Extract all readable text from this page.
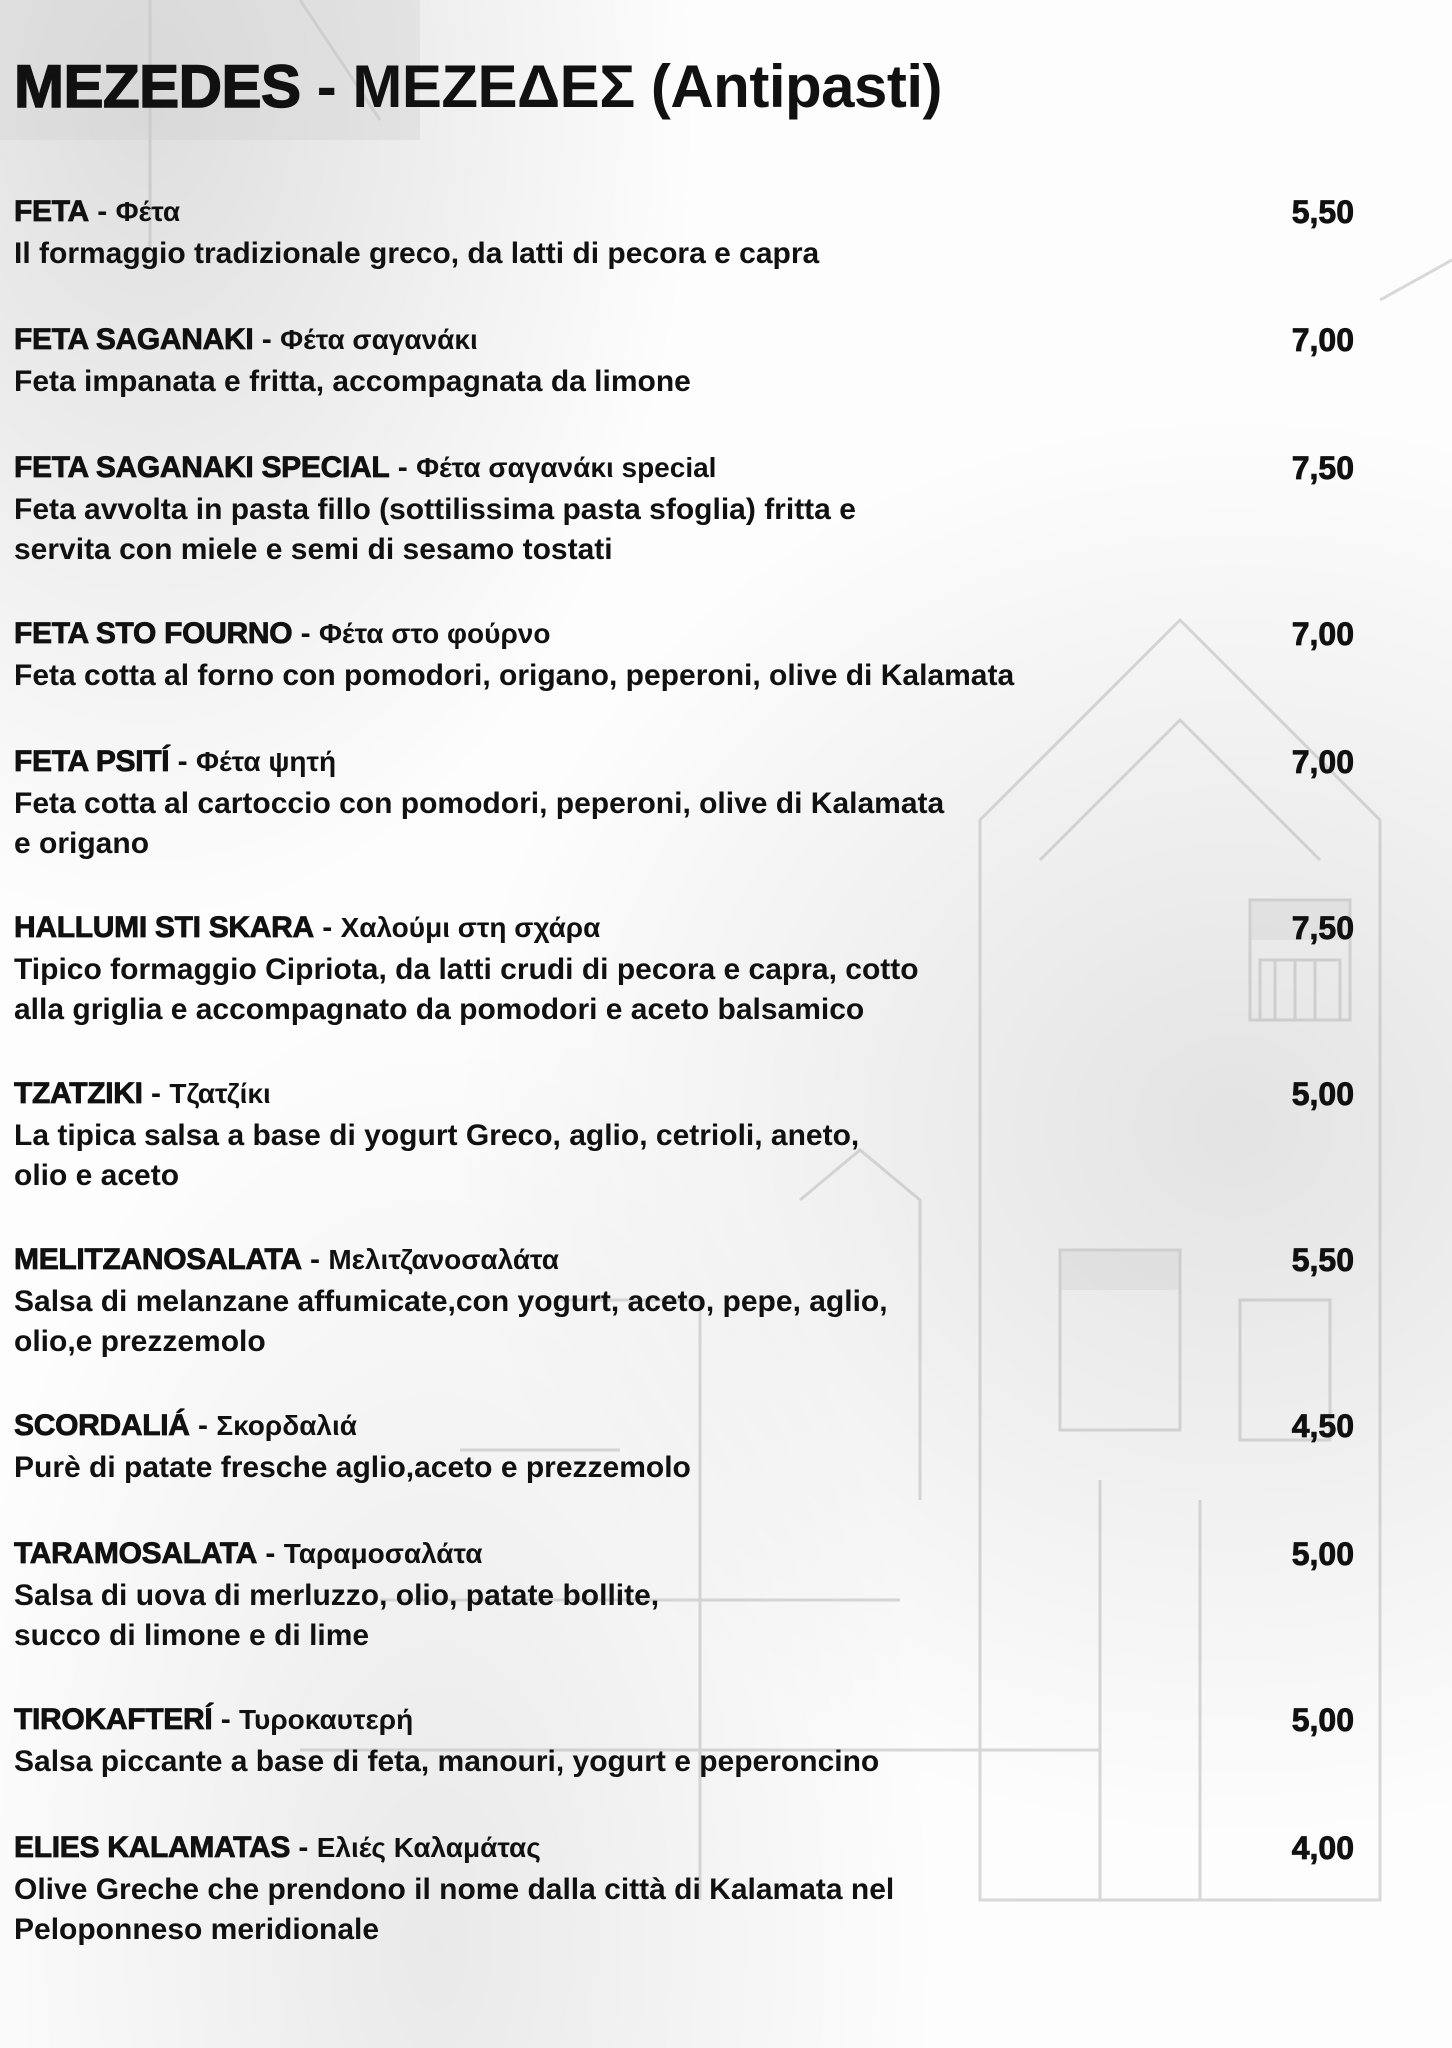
MEZEDES - ΜΕΖΕΔΕΣ (Antipasti)
FETA - Φέτα	5,50
Il formaggio tradizionale greco, da latti di pecora e capra
FETA SAGANAKI - Φέτα σαγανάκι	7,00
Feta impanata e fritta, accompagnata da limone
FETA SAGANAKI SPECIAL - Φέτα σαγανάκι special	7,50
Feta avvolta in pasta fillo (sottilissima pasta sfoglia) fritta e
servita con miele e semi di sesamo tostati
FETA STO FOURNO - Φέτα στο φούρνο	7,00
Feta cotta al forno con pomodori, origano, peperoni, olive di Kalamata
FETA PSITÍ - Φέτα ψητή	7,00
Feta cotta al cartoccio con pomodori, peperoni, olive di Kalamata
e origano
HALLUMI STI SKARA - Χαλούμι στη σχάρα	7,50
Tipico formaggio Cipriota, da latti crudi di pecora e capra, cotto
alla griglia e accompagnato da pomodori e aceto balsamico
TZATZIKI - Τζατζίκι	5,00
La tipica salsa a base di yogurt Greco, aglio, cetrioli, aneto,
olio e aceto
MELITZANOSALATA - Μελιτζανοσαλάτα	5,50
Salsa di melanzane affumicate,con yogurt, aceto, pepe, aglio,
olio,e prezzemolo
SCORDALIÁ - Σκορδαλιά	4,50
Purè di patate fresche aglio,aceto e prezzemolo
TARAMOSALATA - Ταραμοσαλάτα	5,00
Salsa di uova di merluzzo, olio, patate bollite,
succo di limone e di lime
TIROKAFTERÍ - Τυροκαυτερή	5,00
Salsa piccante a base di feta, manouri, yogurt e peperoncino
ELIES KALAMATAS - Ελιές Καλαμάτας	4,00
Olive Greche che prendono il nome dalla città di Kalamata nel
Peloponneso meridionale
